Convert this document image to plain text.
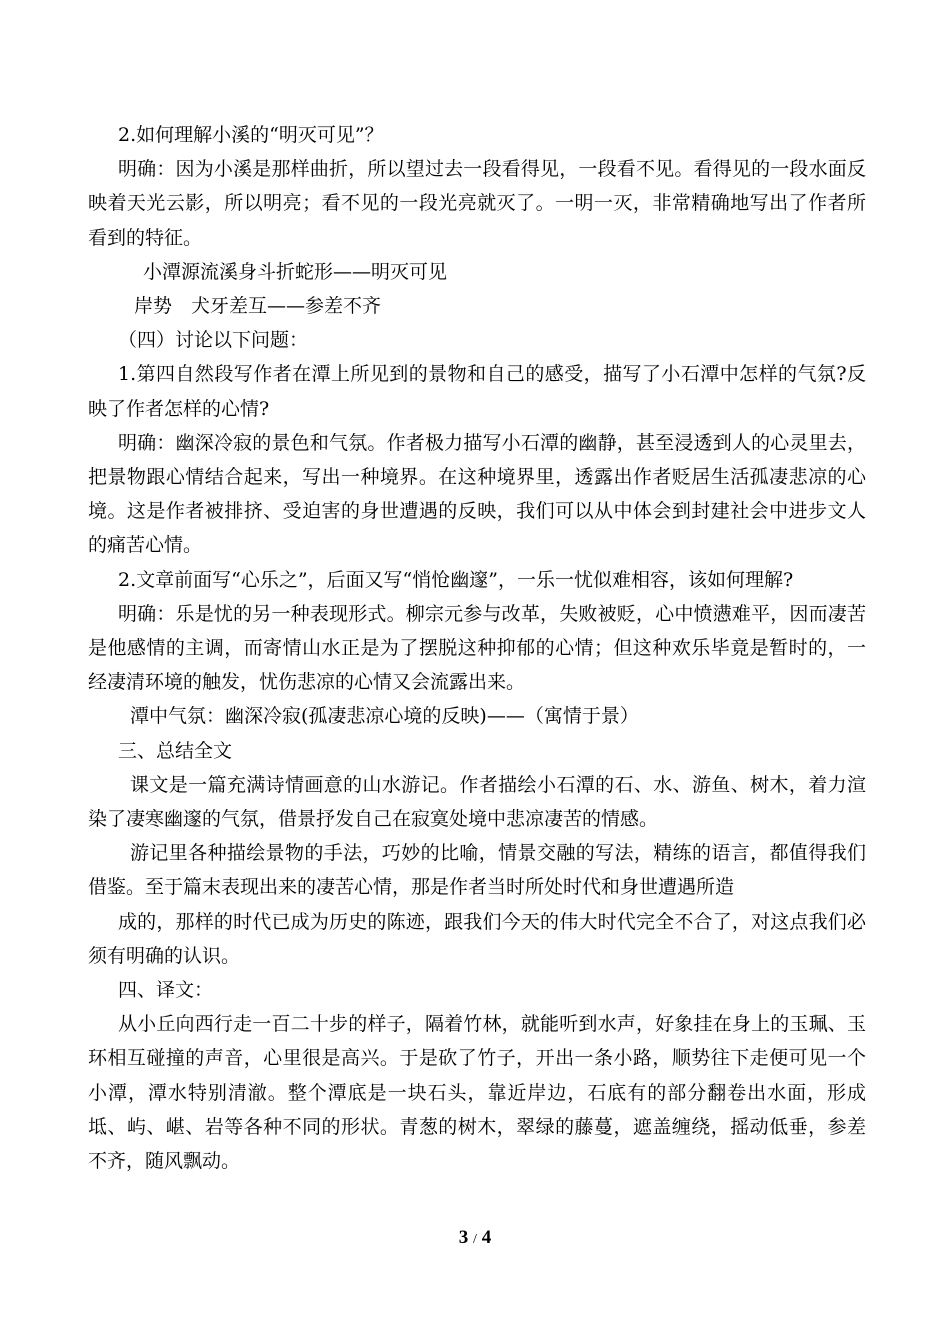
2.如何理解小溪的“明灭可见”？

明确：因为小溪是那样曲折，所以望过去一段看得见，一段看不见。看得见的一段水面反映着天光云影，所以明亮；看不见的一段光亮就灭了。一明一灭，非常精确地写出了作者所看到的特征。

小潭源流溪身斗折蛇形——明灭可见

岸势　犬牙差互——参差不齐

（四）讨论以下问题：

1.第四自然段写作者在潭上所见到的景物和自己的感受，描写了小石潭中怎样的气氛?反映了作者怎样的心情?

明确：幽深冷寂的景色和气氛。作者极力描写小石潭的幽静，甚至浸透到人的心灵里去，把景物跟心情结合起来，写出一种境界。在这种境界里，透露出作者贬居生活孤凄悲凉的心境。这是作者被排挤、受迫害的身世遭遇的反映，我们可以从中体会到封建社会中进步文人的痛苦心情。

2.文章前面写“心乐之”，后面又写“悄怆幽邃”，一乐一忧似难相容，该如何理解?

明确：乐是忧的另一种表现形式。柳宗元参与改革，失败被贬，心中愤懑难平，因而凄苦是他感情的主调，而寄情山水正是为了摆脱这种抑郁的心情；但这种欢乐毕竟是暂时的，一经凄清环境的触发，忧伤悲凉的心情又会流露出来。

潭中气氛：幽深冷寂(孤凄悲凉心境的反映)——（寓情于景）

三、总结全文

课文是一篇充满诗情画意的山水游记。作者描绘小石潭的石、水、游鱼、树木，着力渲染了凄寒幽邃的气氛，借景抒发自己在寂寞处境中悲凉凄苦的情感。

游记里各种描绘景物的手法，巧妙的比喻，情景交融的写法，精练的语言，都值得我们借鉴。至于篇末表现出来的凄苦心情，那是作者当时所处时代和身世遭遇所造

成的，那样的时代已成为历史的陈迹，跟我们今天的伟大时代完全不合了，对这点我们必须有明确的认识。

四、译文：

从小丘向西行走一百二十步的样子，隔着竹林，就能听到水声，好象挂在身上的玉珮、玉环相互碰撞的声音，心里很是高兴。于是砍了竹子，开出一条小路，顺势往下走便可见一个小潭，潭水特别清澈。整个潭底是一块石头，靠近岸边，石底有的部分翻卷出水面，形成坻、屿、嵁、岩等各种不同的形状。青葱的树木，翠绿的藤蔓，遮盖缠绕，摇动低垂，参差不齐，随风飘动。

3 / 4
